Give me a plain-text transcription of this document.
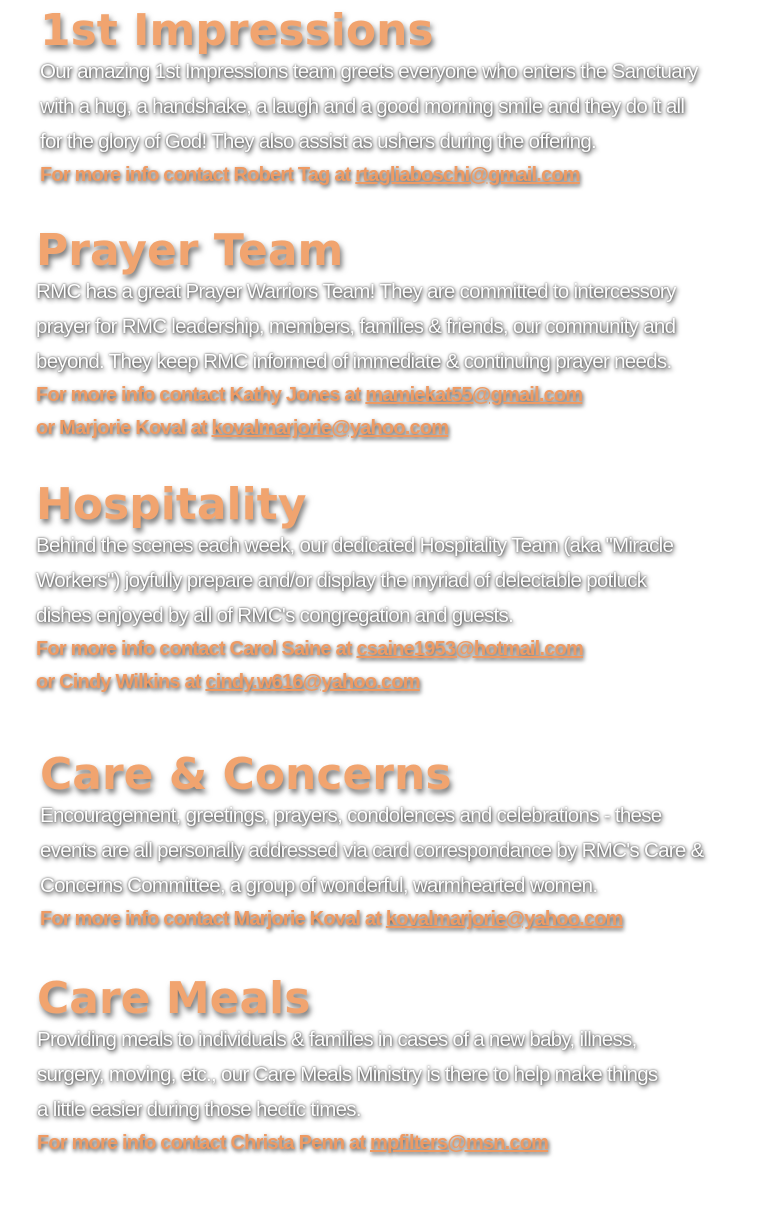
1st Impressions
Our amazing 1st Impressions team greets everyone who enters the Sanctuary
with a hug, a handshake, a laugh and a good morning smile and they do it all
for the glory of God! They also assist as ushers during the offering.
For more info contact Robert Tag at rtagliaboschi@gmail.com
Prayer Team
RMC has a great Prayer Warriors Team! They are committed to intercessory
prayer for RMC leadership, members, families & friends, our community and
beyond. They keep RMC informed of immediate & continuing prayer needs.
For more info contact Kathy Jones at mamiekat55@gmail.com
or Marjorie Koval at kovalmarjorie@yahoo.com
Hospitality
Behind the scenes each week, our dedicated Hospitality Team (aka "Miracle
Workers") joyfully prepare and/or display the myriad of delectable potluck
dishes enjoyed by all of RMC's congregation and guests.
For more info contact Carol Saine at csaine1953@hotmail.com
or Cindy Wilkins at cindy.w616@yahoo.com
Care & Concerns
Encouragement, greetings, prayers, condolences and celebrations - these
events are all personally addressed via card correspondance by RMC's Care &
Concerns Committee, a group of wonderful, warmhearted women.
For more info contact Marjorie Koval at kovalmarjorie@yahoo.com
Care Meals
Providing meals to individuals & families in cases of a new baby, illness,
surgery, moving, etc., our Care Meals Ministry is there to help make things
a little easier during those hectic times.
For more info contact Christa Penn at mpfilters@msn.com
